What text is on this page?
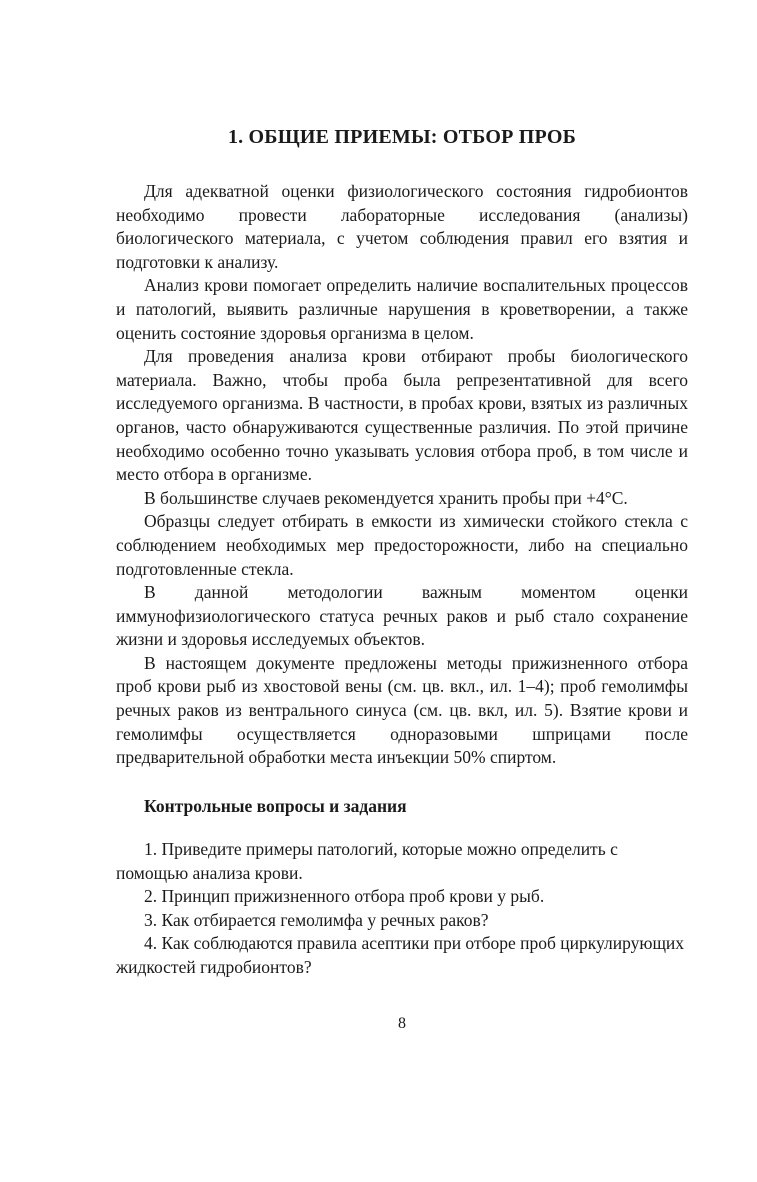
1. ОБЩИЕ ПРИЕМЫ: ОТБОР ПРОБ

Для адекватной оценки физиологического состояния гидробионтов необходимо провести лабораторные исследования (анализы) биологического материала, с учетом соблюдения правил его взятия и подготовки к анализу.

Анализ крови помогает определить наличие воспалительных процессов и патологий, выявить различные нарушения в кроветворении, а также оценить состояние здоровья организма в целом.

Для проведения анализа крови отбирают пробы биологического материала. Важно, чтобы проба была репрезентативной для всего исследуемого организма. В частности, в пробах крови, взятых из различных органов, часто обнаруживаются существенные различия. По этой причине необходимо особенно точно указывать условия отбора проб, в том числе и место отбора в организме.

В большинстве случаев рекомендуется хранить пробы при +4°C.

Образцы следует отбирать в емкости из химически стойкого стекла с соблюдением необходимых мер предосторожности, либо на специально подготовленные стекла.

В данной методологии важным моментом оценки иммунофизиологического статуса речных раков и рыб стало сохранение жизни и здоровья исследуемых объектов.

В настоящем документе предложены методы прижизненного отбора проб крови рыб из хвостовой вены (см. цв. вкл., ил. 1–4); проб гемолимфы речных раков из вентрального синуса (см. цв. вкл, ил. 5). Взятие крови и гемолимфы осуществляется одноразовыми шприцами после предварительной обработки места инъекции 50% спиртом.

Контрольные вопросы и задания
1. Приведите примеры патологий, которые можно определить с помощью анализа крови.
2. Принцип прижизненного отбора проб крови у рыб.
3. Как отбирается гемолимфа у речных раков?
4. Как соблюдаются правила асептики при отборе проб циркулирующих жидкостей гидробионтов?
8
